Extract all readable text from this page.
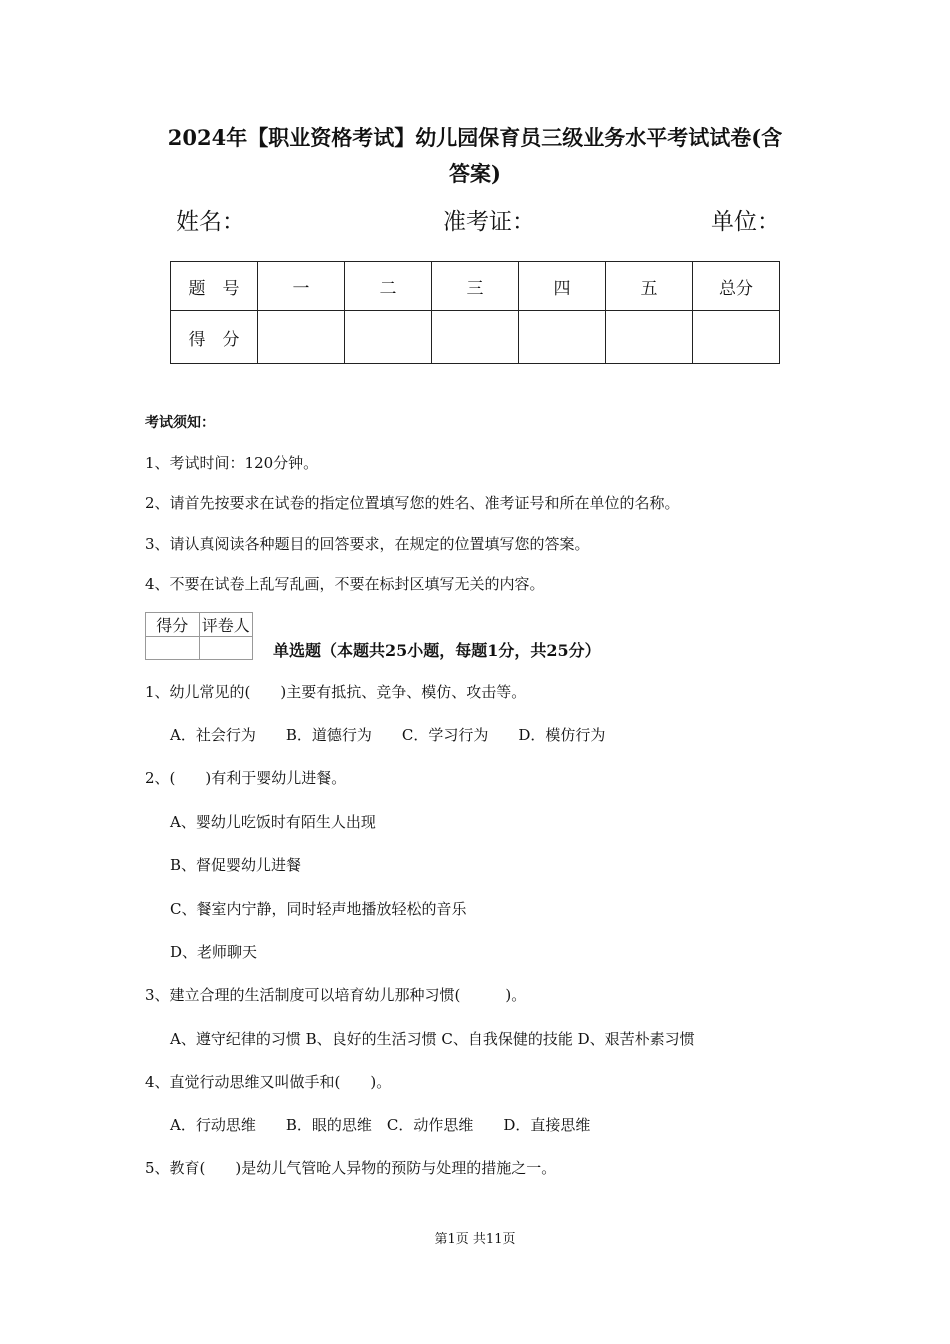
2024年【职业资格考试】幼儿园保育员三级业务水平考试试卷(含
答案)
姓名：	准考证：	单位：
题　号	一	二	三	四	五	总分
得　分						
考试须知：
1、考试时间：120分钟。
2、请首先按要求在试卷的指定位置填写您的姓名、准考证号和所在单位的名称。
3、请认真阅读各种题目的回答要求，在规定的位置填写您的答案。
4、不要在试卷上乱写乱画，不要在标封区填写无关的内容。
得分	评卷人

单选题（本题共25小题，每题1分，共25分）
1、幼儿常见的(　　)主要有抵抗、竞争、模仿、攻击等。
A．社会行为　　B．道德行为　　C．学习行为　　D．模仿行为
2、(　　)有利于婴幼儿进餐。
A、婴幼儿吃饭时有陌生人出现
B、督促婴幼儿进餐
C、餐室内宁静，同时轻声地播放轻松的音乐
D、老师聊天
3、建立合理的生活制度可以培育幼儿那种习惯(　　　)。
A、遵守纪律的习惯 B、良好的生活习惯 C、自我保健的技能 D、艰苦朴素习惯
4、直觉行动思维又叫做手和(　　)。
A．行动思维　　B．眼的思维　C．动作思维　　D．直接思维
5、教育(　　)是幼儿气管呛人异物的预防与处理的措施之一。
第1页 共11页
